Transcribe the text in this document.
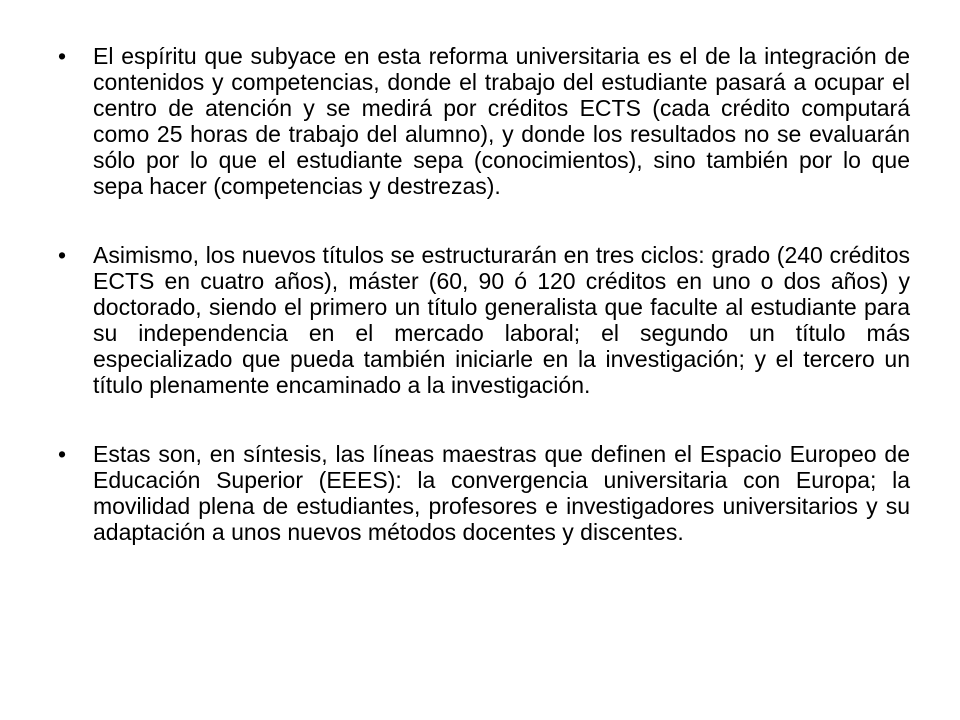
•	El espíritu que subyace en esta reforma universitaria es el de la integración de contenidos y competencias, donde el trabajo del estudiante pasará a ocupar el centro de atención y se medirá por créditos ECTS (cada crédito computará como 25 horas de trabajo del alumno), y donde los resultados no se evaluarán sólo por lo que el estudiante sepa (conocimientos), sino también por lo que sepa hacer (competencias y destrezas).
•	Asimismo, los nuevos títulos se estructurarán en tres ciclos: grado (240 créditos ECTS en cuatro años), máster (60, 90 ó 120 créditos en uno o dos años) y doctorado, siendo el primero un título generalista que faculte al estudiante para su independencia en el mercado laboral; el segundo un título más especializado que pueda también iniciarle en la investigación; y el tercero un título plenamente encaminado a la investigación.
•	Estas son, en síntesis, las líneas maestras que definen el Espacio Europeo de Educación Superior (EEES): la convergencia universitaria con Europa; la movilidad plena de estudiantes, profesores e investigadores universitarios y su adaptación a unos nuevos métodos docentes y discentes.
